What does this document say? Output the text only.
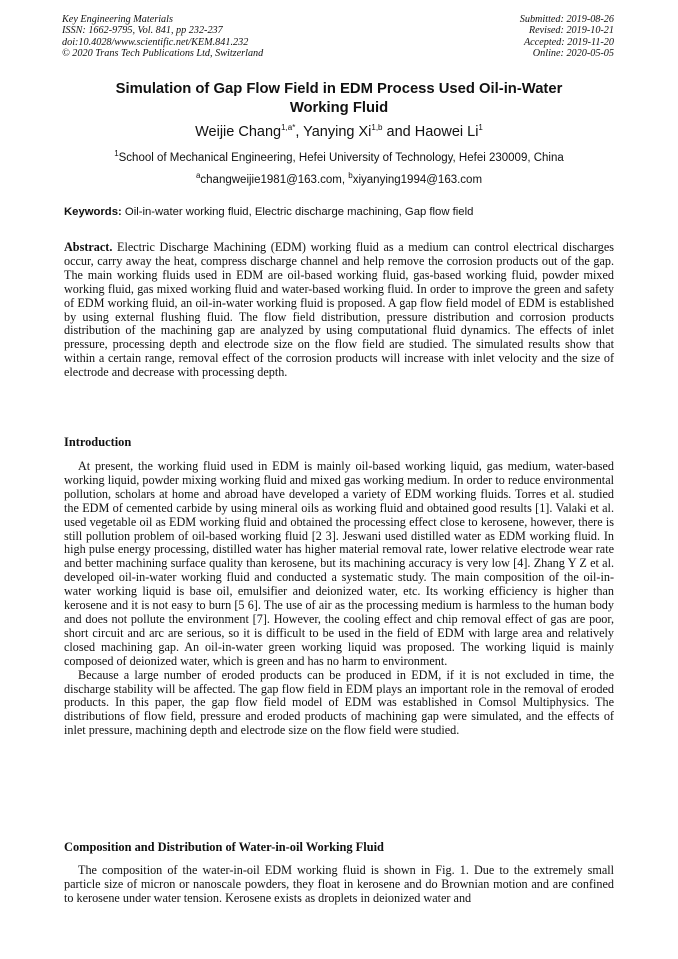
Key Engineering Materials
ISSN: 1662-9795, Vol. 841, pp 232-237
doi:10.4028/www.scientific.net/KEM.841.232
© 2020 Trans Tech Publications Ltd, Switzerland
Submitted: 2019-08-26
Revised: 2019-10-21
Accepted: 2019-11-20
Online: 2020-05-05
Simulation of Gap Flow Field in EDM Process Used Oil-in-Water
Working Fluid
Weijie Chang$^{1,a*}$, Yanying Xi$^{1,b}$ and Haowei Li$^1$
$^1$School of Mechanical Engineering, Hefei University of Technology, Hefei 230009, China
$^a$changweijie1981@163.com, $^b$xiyanying1994@163.com
Keywords: Oil-in-water working fluid, Electric discharge machining, Gap flow field

Abstract. Electric Discharge Machining (EDM) working fluid as a medium can control electrical discharges occur, carry away the heat, compress discharge channel and help remove the corrosion products out of the gap. The main working fluids used in EDM are oil-based working fluid, gas-based working fluid, powder mixed working fluid, gas mixed working fluid and water-based working fluid. In order to improve the green and safety of EDM working fluid, an oil-in-water working fluid is proposed. A gap flow field model of EDM is established by using external flushing fluid. The flow field distribution, pressure distribution and corrosion products distribution of the machining gap are analyzed by using computational fluid dynamics. The effects of inlet pressure, processing depth and electrode size on the flow field are studied. The simulated results show that within a certain range, removal effect of the corrosion products will increase with inlet velocity and the size of electrode and decrease with processing depth.

Introduction

At present, the working fluid used in EDM is mainly oil-based working liquid, gas medium, water-based working liquid, powder mixing working fluid and mixed gas working medium. In order to reduce environmental pollution, scholars at home and abroad have developed a variety of EDM working fluids. Torres et al. studied the EDM of cemented carbide by using mineral oils as working fluid and obtained good results [1]. Valaki et al. used vegetable oil as EDM working fluid and obtained the processing effect close to kerosene, however, there is still pollution problem of oil-based working fluid [2 3]. Jeswani used distilled water as EDM working fluid. In high pulse energy processing, distilled water has higher material removal rate, lower relative electrode wear rate and better machining surface quality than kerosene, but its machining accuracy is very low [4]. Zhang Y Z et al. developed oil-in-water working fluid and conducted a systematic study. The main composition of the oil-in-water working liquid is base oil, emulsifier and deionized water, etc. Its working efficiency is higher than kerosene and it is not easy to burn [5 6]. The use of air as the processing medium is harmless to the human body and does not pollute the environment [7]. However, the cooling effect and chip removal effect of gas are poor, short circuit and arc are serious, so it is difficult to be used in the field of EDM with large area and relatively closed machining gap. An oil-in-water green working liquid was proposed. The working liquid is mainly composed of deionized water, which is green and has no harm to environment.

Because a large number of eroded products can be produced in EDM, if it is not excluded in time, the discharge stability will be affected. The gap flow field in EDM plays an important role in the removal of eroded products. In this paper, the gap flow field model of EDM was established in Comsol Multiphysics. The distributions of flow field, pressure and eroded products of machining gap were simulated, and the effects of inlet pressure, machining depth and electrode size on the flow field were studied.

Composition and Distribution of Water-in-oil Working Fluid

The composition of the water-in-oil EDM working fluid is shown in Fig. 1. Due to the extremely small particle size of micron or nanoscale powders, they float in kerosene and do Brownian motion and are confined to kerosene under water tension. Kerosene exists as droplets in deionized water and
